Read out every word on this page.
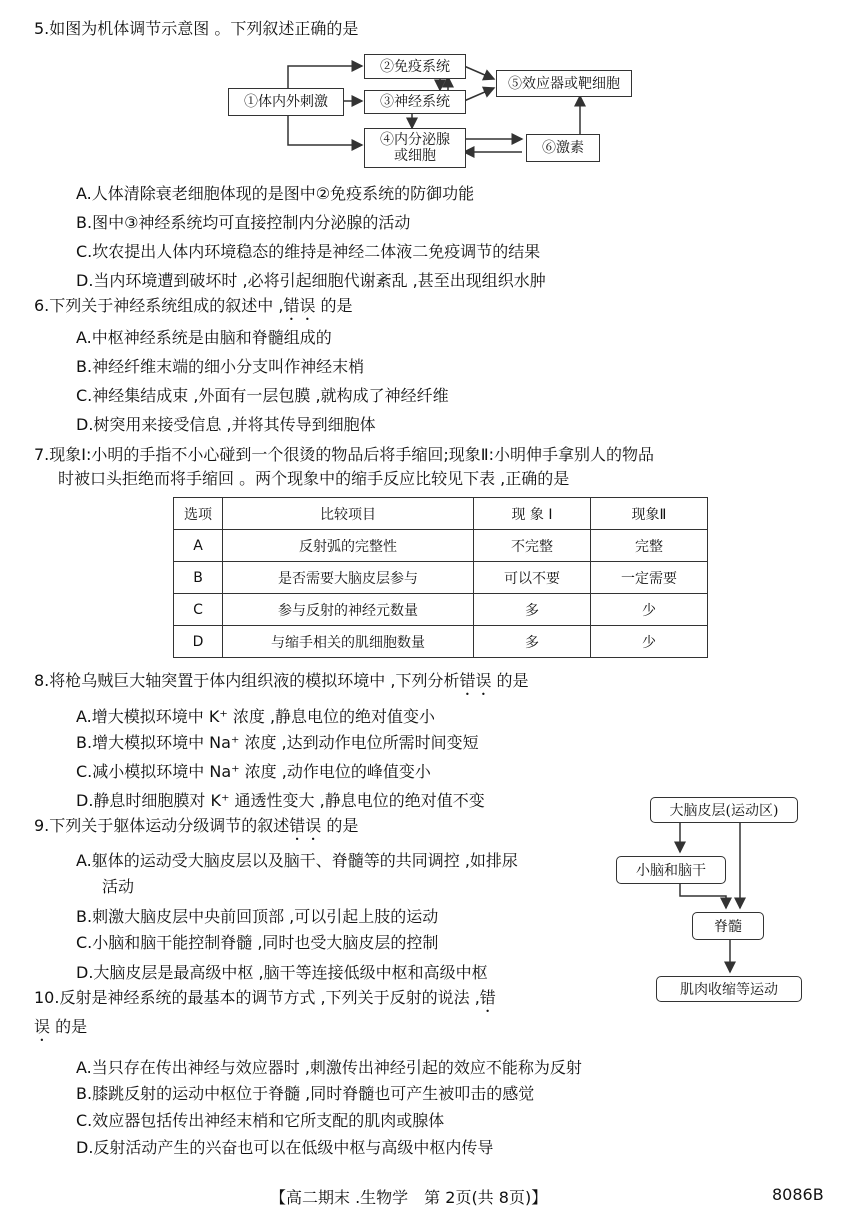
5.如图为机体调节示意图 。下列叙述正确的是
①体内外刺激
②免疫系统
③神经系统
④内分泌腺
或细胞
⑤效应器或靶细胞
⑥激素
A.人体清除衰老细胞体现的是图中②免疫系统的防御功能
B.图中③神经系统均可直接控制内分泌腺的活动
C.坎农提出人体内环境稳态的维持是神经二体液二免疫调节的结果
D.当内环境遭到破坏时 ,必将引起细胞代谢紊乱 ,甚至出现组织水肿
6.下列关于神经系统组成的叙述中 ,错误 的是
A.中枢神经系统是由脑和脊髓组成的
B.神经纤维末端的细小分支叫作神经末梢
C.神经集结成束 ,外面有一层包膜 ,就构成了神经纤维
D.树突用来接受信息 ,并将其传导到细胞体
7.现象Ⅰ:小明的手指不小心碰到一个很烫的物品后将手缩回;现象Ⅱ:小明伸手拿别人的物品
时被口头拒绝而将手缩回 。两个现象中的缩手反应比较见下表 ,正确的是
选项	比较项目	现 象 Ⅰ	现象Ⅱ
A	反射弧的完整性	不完整	完整
B	是否需要大脑皮层参与	可以不要	一定需要
C	参与反射的神经元数量	多	少
D	与缩手相关的肌细胞数量	多	少
8.将枪乌贼巨大轴突置于体内组织液的模拟环境中 ,下列分析错误 的是
A.增大模拟环境中 K⁺ 浓度 ,静息电位的绝对值变小
B.增大模拟环境中 Na⁺ 浓度 ,达到动作电位所需时间变短
C.减小模拟环境中 Na⁺ 浓度 ,动作电位的峰值变小
D.静息时细胞膜对 K⁺ 通透性变大 ,静息电位的绝对值不变
大脑皮层(运动区)
小脑和脑干
脊髓
肌肉收缩等运动
9.下列关于躯体运动分级调节的叙述错误 的是
A.躯体的运动受大脑皮层以及脑干、脊髓等的共同调控 ,如排尿
活动
B.刺激大脑皮层中央前回顶部 ,可以引起上肢的运动
C.小脑和脑干能控制脊髓 ,同时也受大脑皮层的控制
D.大脑皮层是最高级中枢 ,脑干等连接低级中枢和高级中枢
10.反射是神经系统的最基本的调节方式 ,下列关于反射的说法 ,错
误 的是
A.当只存在传出神经与效应器时 ,刺激传出神经引起的效应不能称为反射
B.膝跳反射的运动中枢位于脊髓 ,同时脊髓也可产生被叩击的感觉
C.效应器包括传出神经末梢和它所支配的肌肉或腺体
D.反射活动产生的兴奋也可以在低级中枢与高级中枢内传导
【高二期末 .生物学　第 2页(共 8页)】	8086B
